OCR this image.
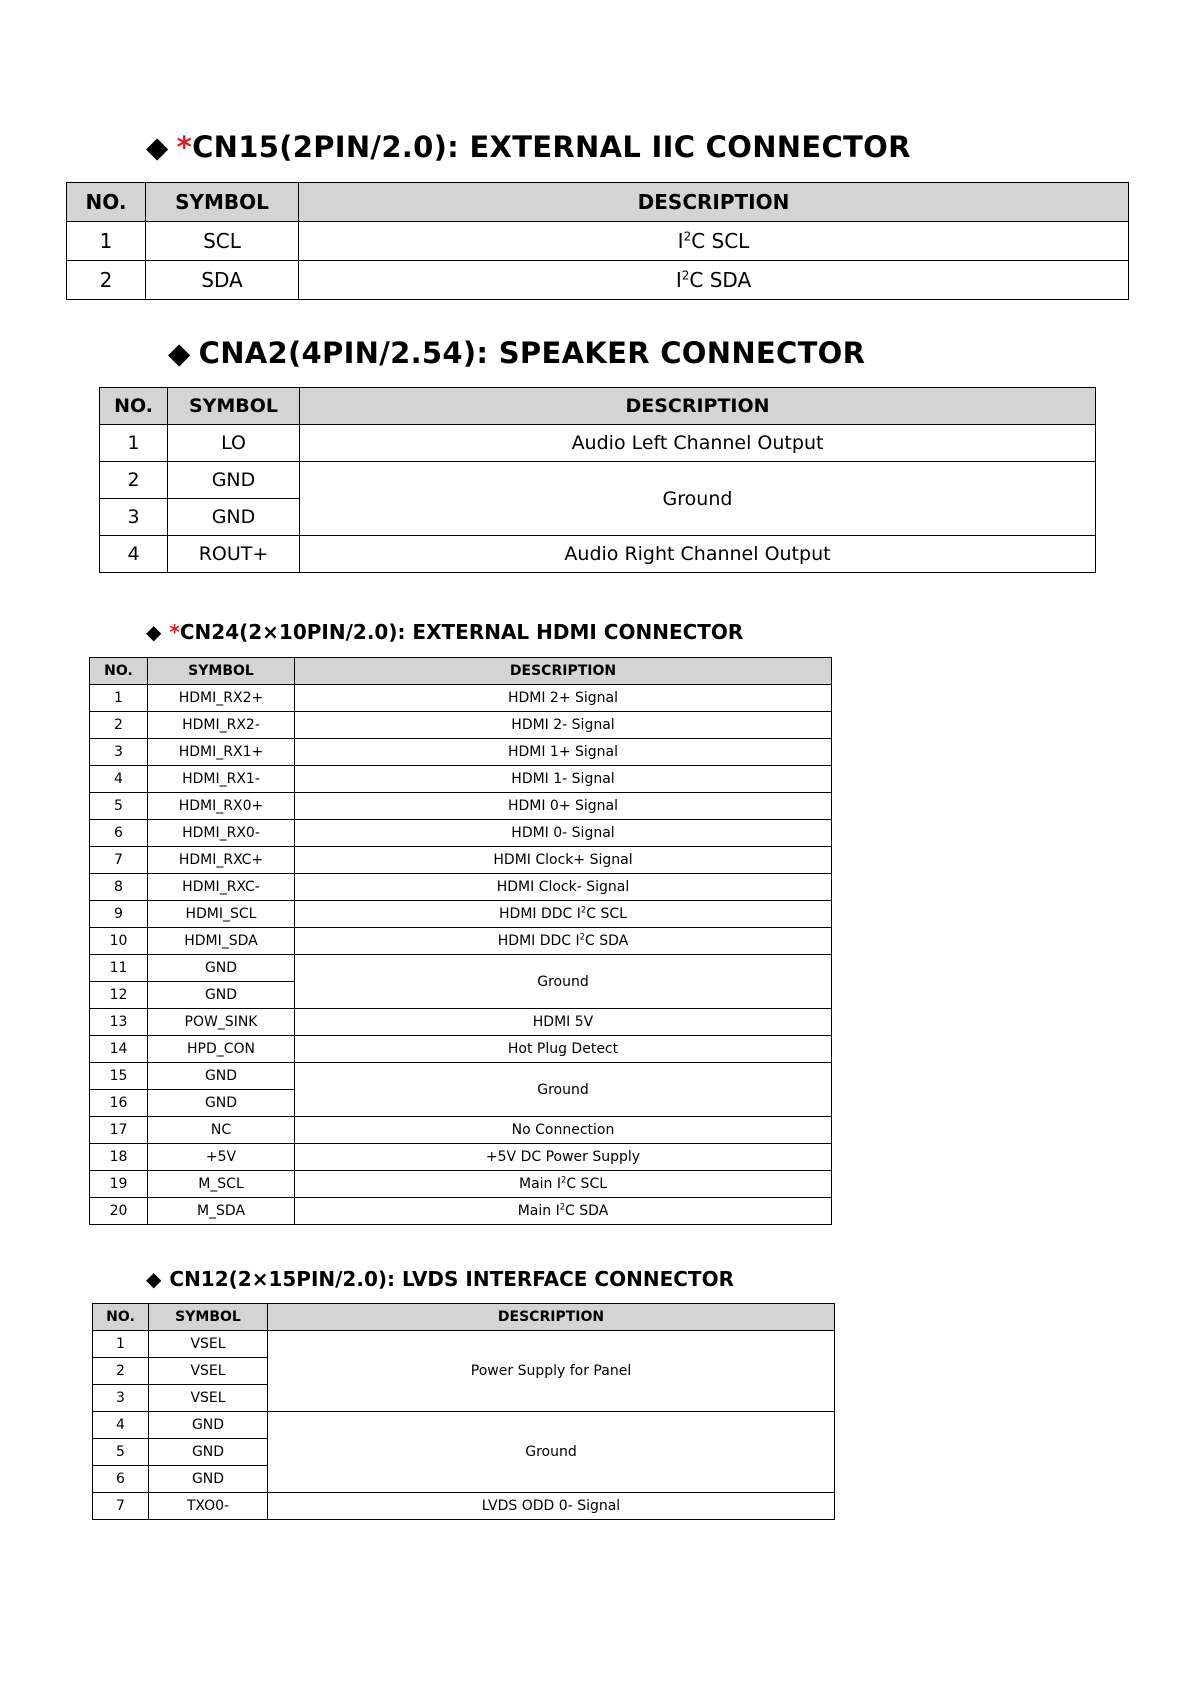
◆ *CN15(2PIN/2.0): EXTERNAL IIC CONNECTOR
NO.	SYMBOL	DESCRIPTION
1	SCL	$I^2C$ SCL
2	SDA	$I^2C$ SDA
◆ CNA2(4PIN/2.54): SPEAKER CONNECTOR
NO.	SYMBOL	DESCRIPTION
1	LO	Audio Left Channel Output
2	GND	Ground
3	GND	
4	ROUT+	Audio Right Channel Output
◆ *CN24(2×10PIN/2.0): EXTERNAL HDMI CONNECTOR
NO.	SYMBOL	DESCRIPTION
1	HDMI_RX2+	HDMI 2+ Signal
2	HDMI_RX2-	HDMI 2- Signal
3	HDMI_RX1+	HDMI 1+ Signal
4	HDMI_RX1-	HDMI 1- Signal
5	HDMI_RX0+	HDMI 0+ Signal
6	HDMI_RX0-	HDMI 0- Signal
7	HDMI_RXC+	HDMI Clock+ Signal
8	HDMI_RXC-	HDMI Clock- Signal
9	HDMI_SCL	HDMI DDC $I^2C$ SCL
10	HDMI_SDA	HDMI DDC $I^2C$ SDA
11	GND	Ground
12	GND	
13	POW_SINK	HDMI 5V
14	HPD_CON	Hot Plug Detect
15	GND	Ground
16	GND	
17	NC	No Connection
18	+5V	+5V DC Power Supply
19	M_SCL	Main $I^2C$ SCL
20	M_SDA	Main $I^2C$ SDA
◆ CN12(2×15PIN/2.0): LVDS INTERFACE CONNECTOR
NO.	SYMBOL	DESCRIPTION
1	VSEL	Power Supply for Panel
2	VSEL	
3	VSEL	
4	GND	Ground
5	GND	
6	GND	
7	TXO0-	LVDS ODD 0- Signal
